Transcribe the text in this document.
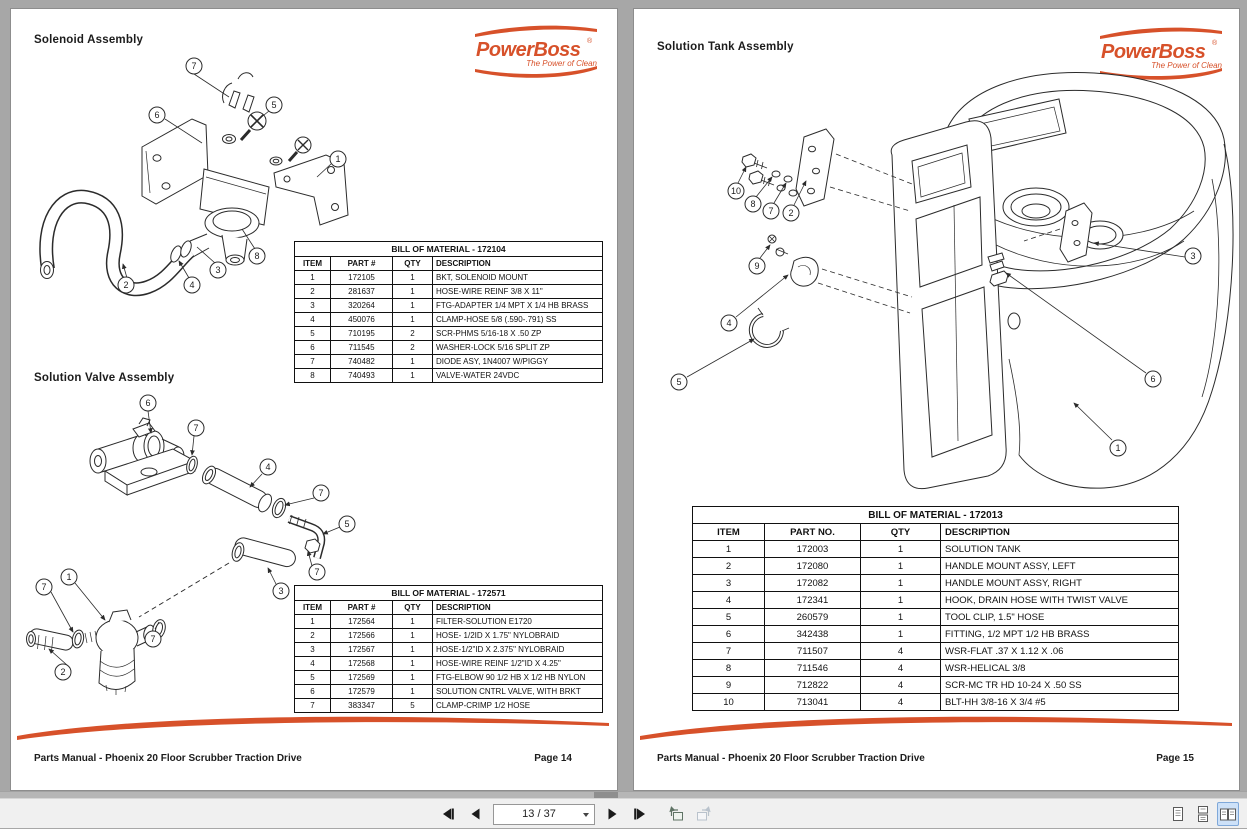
Solenoid Assembly	PowerBoss ®
The Power of Clean
7
5
6
1
8
3
4
2
BILL OF MATERIAL - 172104			
ITEM	PART #	QTY	DESCRIPTION
1	172105	1	BKT, SOLENOID MOUNT
2	281637	1	HOSE-WIRE REINF 3/8 X 11"
3	320264	1	FTG-ADAPTER 1/4 MPT X 1/4 HB BRASS
4	450076	1	CLAMP-HOSE 5/8 (.590-.791) SS
5	710195	2	SCR-PHMS 5/16-18 X .50 ZP
6	711545	2	WASHER-LOCK 5/16 SPLIT ZP
7	740482	1	DIODE ASY, 1N4007 W/PIGGY
8	740493	1	VALVE-WATER 24VDC
Solution Valve Assembly
6
7
4
7
5
7
3
1
7
2
7
BILL OF MATERIAL - 172571			
ITEM	PART #	QTY	DESCRIPTION
1	172564	1	FILTER-SOLUTION E1720
2	172566	1	HOSE- 1/2ID X 1.75" NYLOBRAID
3	172567	1	HOSE-1/2"ID X 2.375" NYLOBRAID
4	172568	1	HOSE-WIRE REINF 1/2"ID X 4.25"
5	172569	1	FTG-ELBOW 90 1/2 HB X 1/2 HB NYLON
6	172579	1	SOLUTION CNTRL VALVE, WITH BRKT
7	383347	5	CLAMP-CRIMP 1/2 HOSE
Parts Manual - Phoenix 20 Floor Scrubber Traction Drive	Page 14
Solution Tank Assembly	PowerBoss ®
The Power of Clean
10
8
7 2
9
4
5
3
6
1
BILL OF MATERIAL - 172013			
ITEM	PART NO.	QTY	DESCRIPTION
1	172003	1	SOLUTION TANK
2	172080	1	HANDLE MOUNT ASSY, LEFT
3	172082	1	HANDLE MOUNT ASSY, RIGHT
4	172341	1	HOOK, DRAIN HOSE WITH TWIST VALVE
5	260579	1	TOOL CLIP, 1.5" HOSE
6	342438	1	FITTING, 1/2 MPT 1/2 HB BRASS
7	711507	4	WSR-FLAT .37 X 1.12 X .06
8	711546	4	WSR-HELICAL 3/8
9	712822	4	SCR-MC TR HD 10-24 X .50 SS
10	713041	4	BLT-HH 3/8-16 X 3/4 #5
Parts Manual - Phoenix 20 Floor Scrubber Traction Drive	Page 15
13 / 37
